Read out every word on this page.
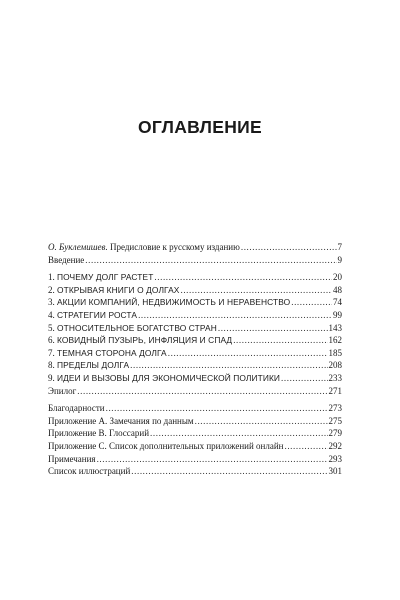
ОГЛАВЛЕНИЕ
О. Буклемишев. Предисловие к русскому изданию .....	7
Введение .....	9
1. ПОЧЕМУ ДОЛГ РАСТЕТ .....	20
2. ОТКРЫВАЯ КНИГИ О ДОЛГАХ .....	48
3. АКЦИИ КОМПАНИЙ, НЕДВИЖИМОСТЬ И НЕРАВЕНСТВО .....	74
4. СТРАТЕГИИ РОСТА .....	99
5. ОТНОСИТЕЛЬНОЕ БОГАТСТВО СТРАН .....	143
6. КОВИДНЫЙ ПУЗЫРЬ, ИНФЛЯЦИЯ И СПАД .....	162
7. ТЕМНАЯ СТОРОНА ДОЛГА .....	185
8. ПРЕДЕЛЫ ДОЛГА .....	208
9. ИДЕИ И ВЫЗОВЫ ДЛЯ ЭКОНОМИЧЕСКОЙ ПОЛИТИКИ .....	233
Эпилог .....	271
Благодарности .....	273
Приложение А. Замечания по данным .....	275
Приложение В. Глоссарий .....	279
Приложение С. Список дополнительных приложений онлайн .....	292
Примечания .....	293
Список иллюстраций .....	301
